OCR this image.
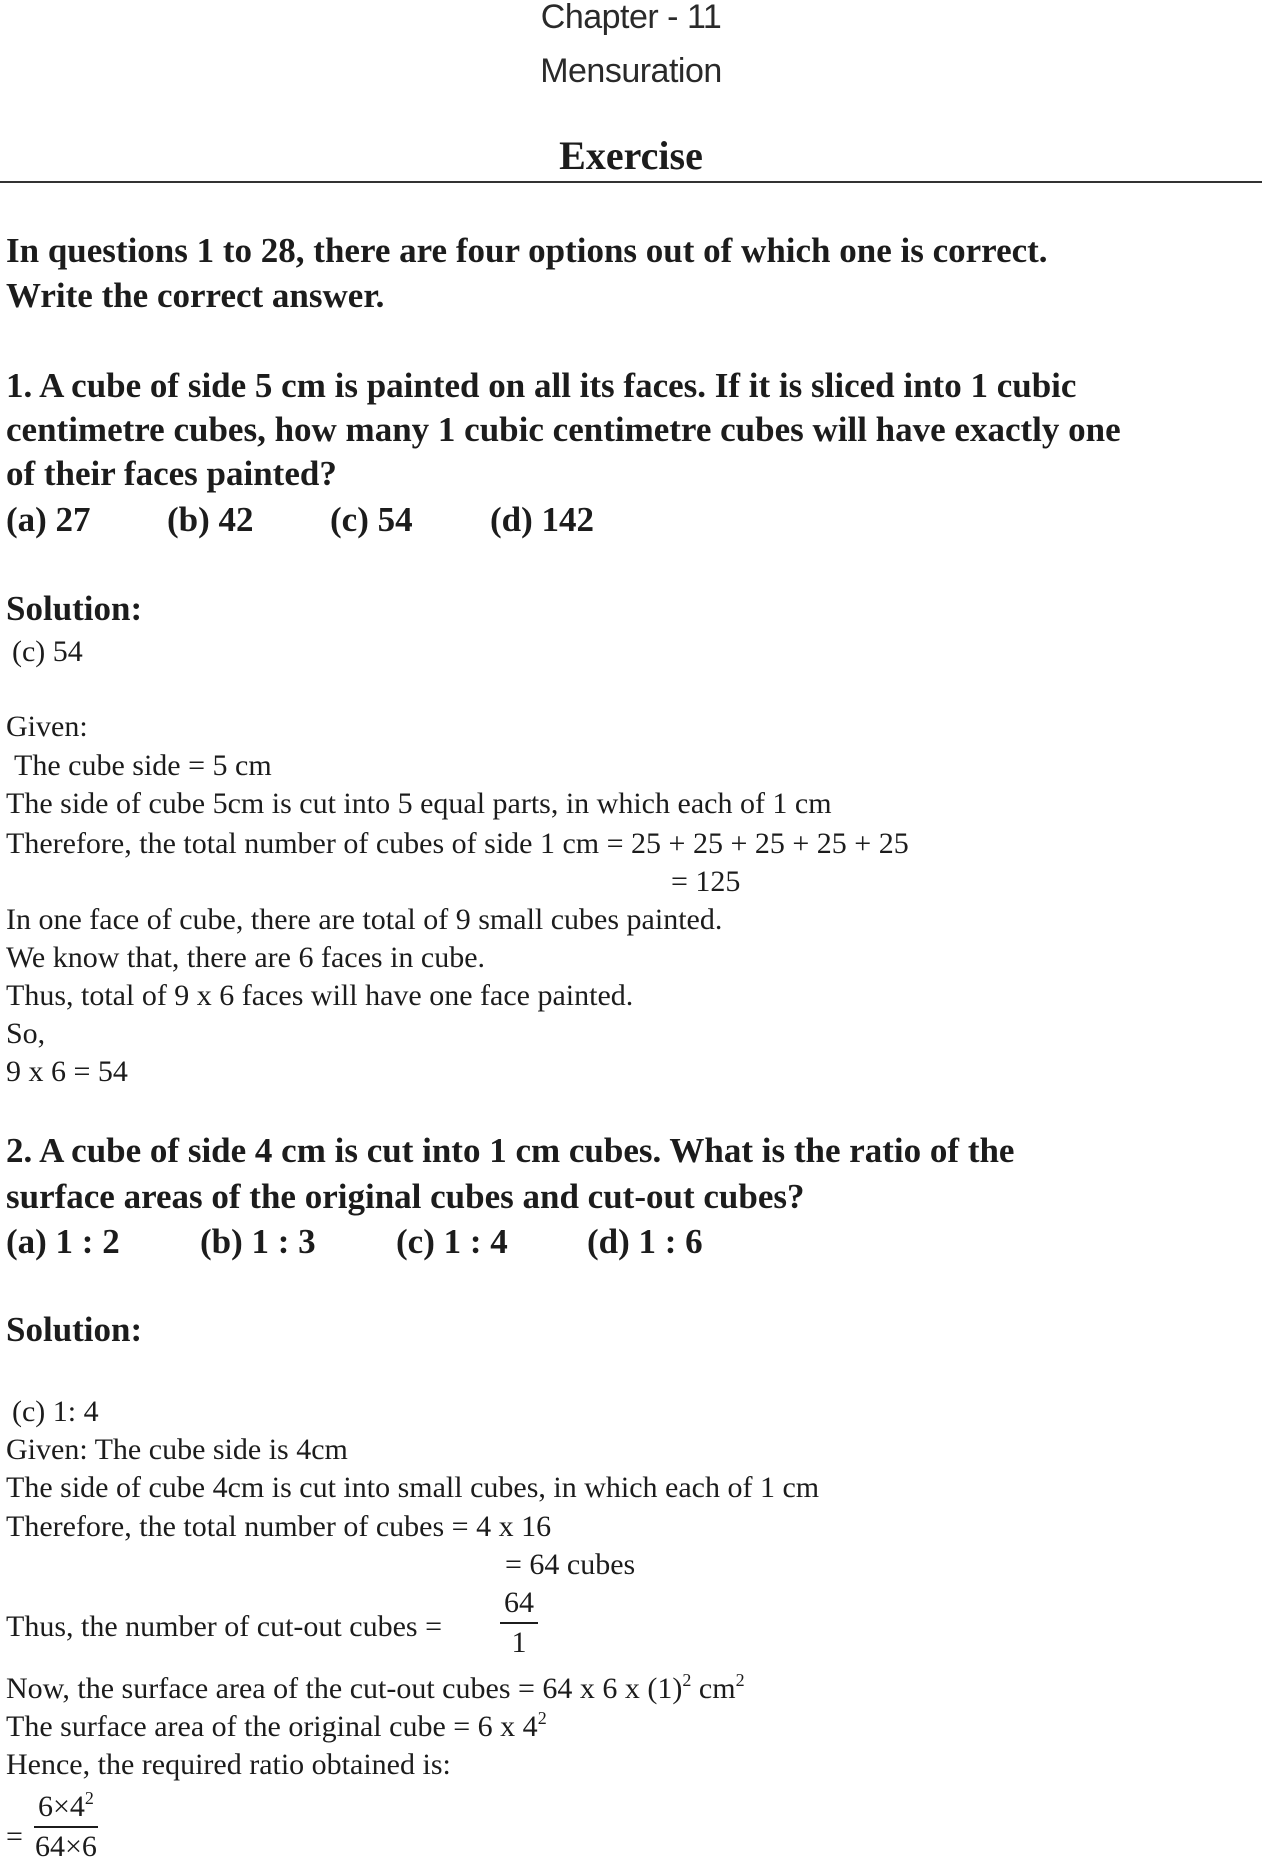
Chapter - 11
Mensuration
Exercise
In questions 1 to 28, there are four options out of which one is correct.
Write the correct answer.
1. A cube of side 5 cm is painted on all its faces. If it is sliced into 1 cubic
centimetre cubes, how many 1 cubic centimetre cubes will have exactly one
of their faces painted?
(a) 27 (b) 42 (c) 54 (d) 142
Solution:
(c) 54
Given:
The cube side = 5 cm
The side of cube 5cm is cut into 5 equal parts, in which each of 1 cm
Therefore, the total number of cubes of side 1 cm = 25 + 25 + 25 + 25 + 25
= 125
In one face of cube, there are total of 9 small cubes painted.
We know that, there are 6 faces in cube.
Thus, total of 9 x 6 faces will have one face painted.
So,
9 x 6 = 54
2. A cube of side 4 cm is cut into 1 cm cubes. What is the ratio of the
surface areas of the original cubes and cut-out cubes?
(a) 1 : 2 (b) 1 : 3 (c) 1 : 4 (d) 1 : 6
Solution:
(c) 1: 4
Given: The cube side is 4cm
The side of cube 4cm is cut into small cubes, in which each of 1 cm
Therefore, the total number of cubes = 4 x 16
= 64 cubes
Thus, the number of cut-out cubes =
64
1
Now, the surface area of the cut-out cubes = 64 x 6 x $(1)^2$ $cm^2$
The surface area of the original cube = 6 x $4^2$
Hence, the required ratio obtained is:
=
$6\times 4^2$
64×6
